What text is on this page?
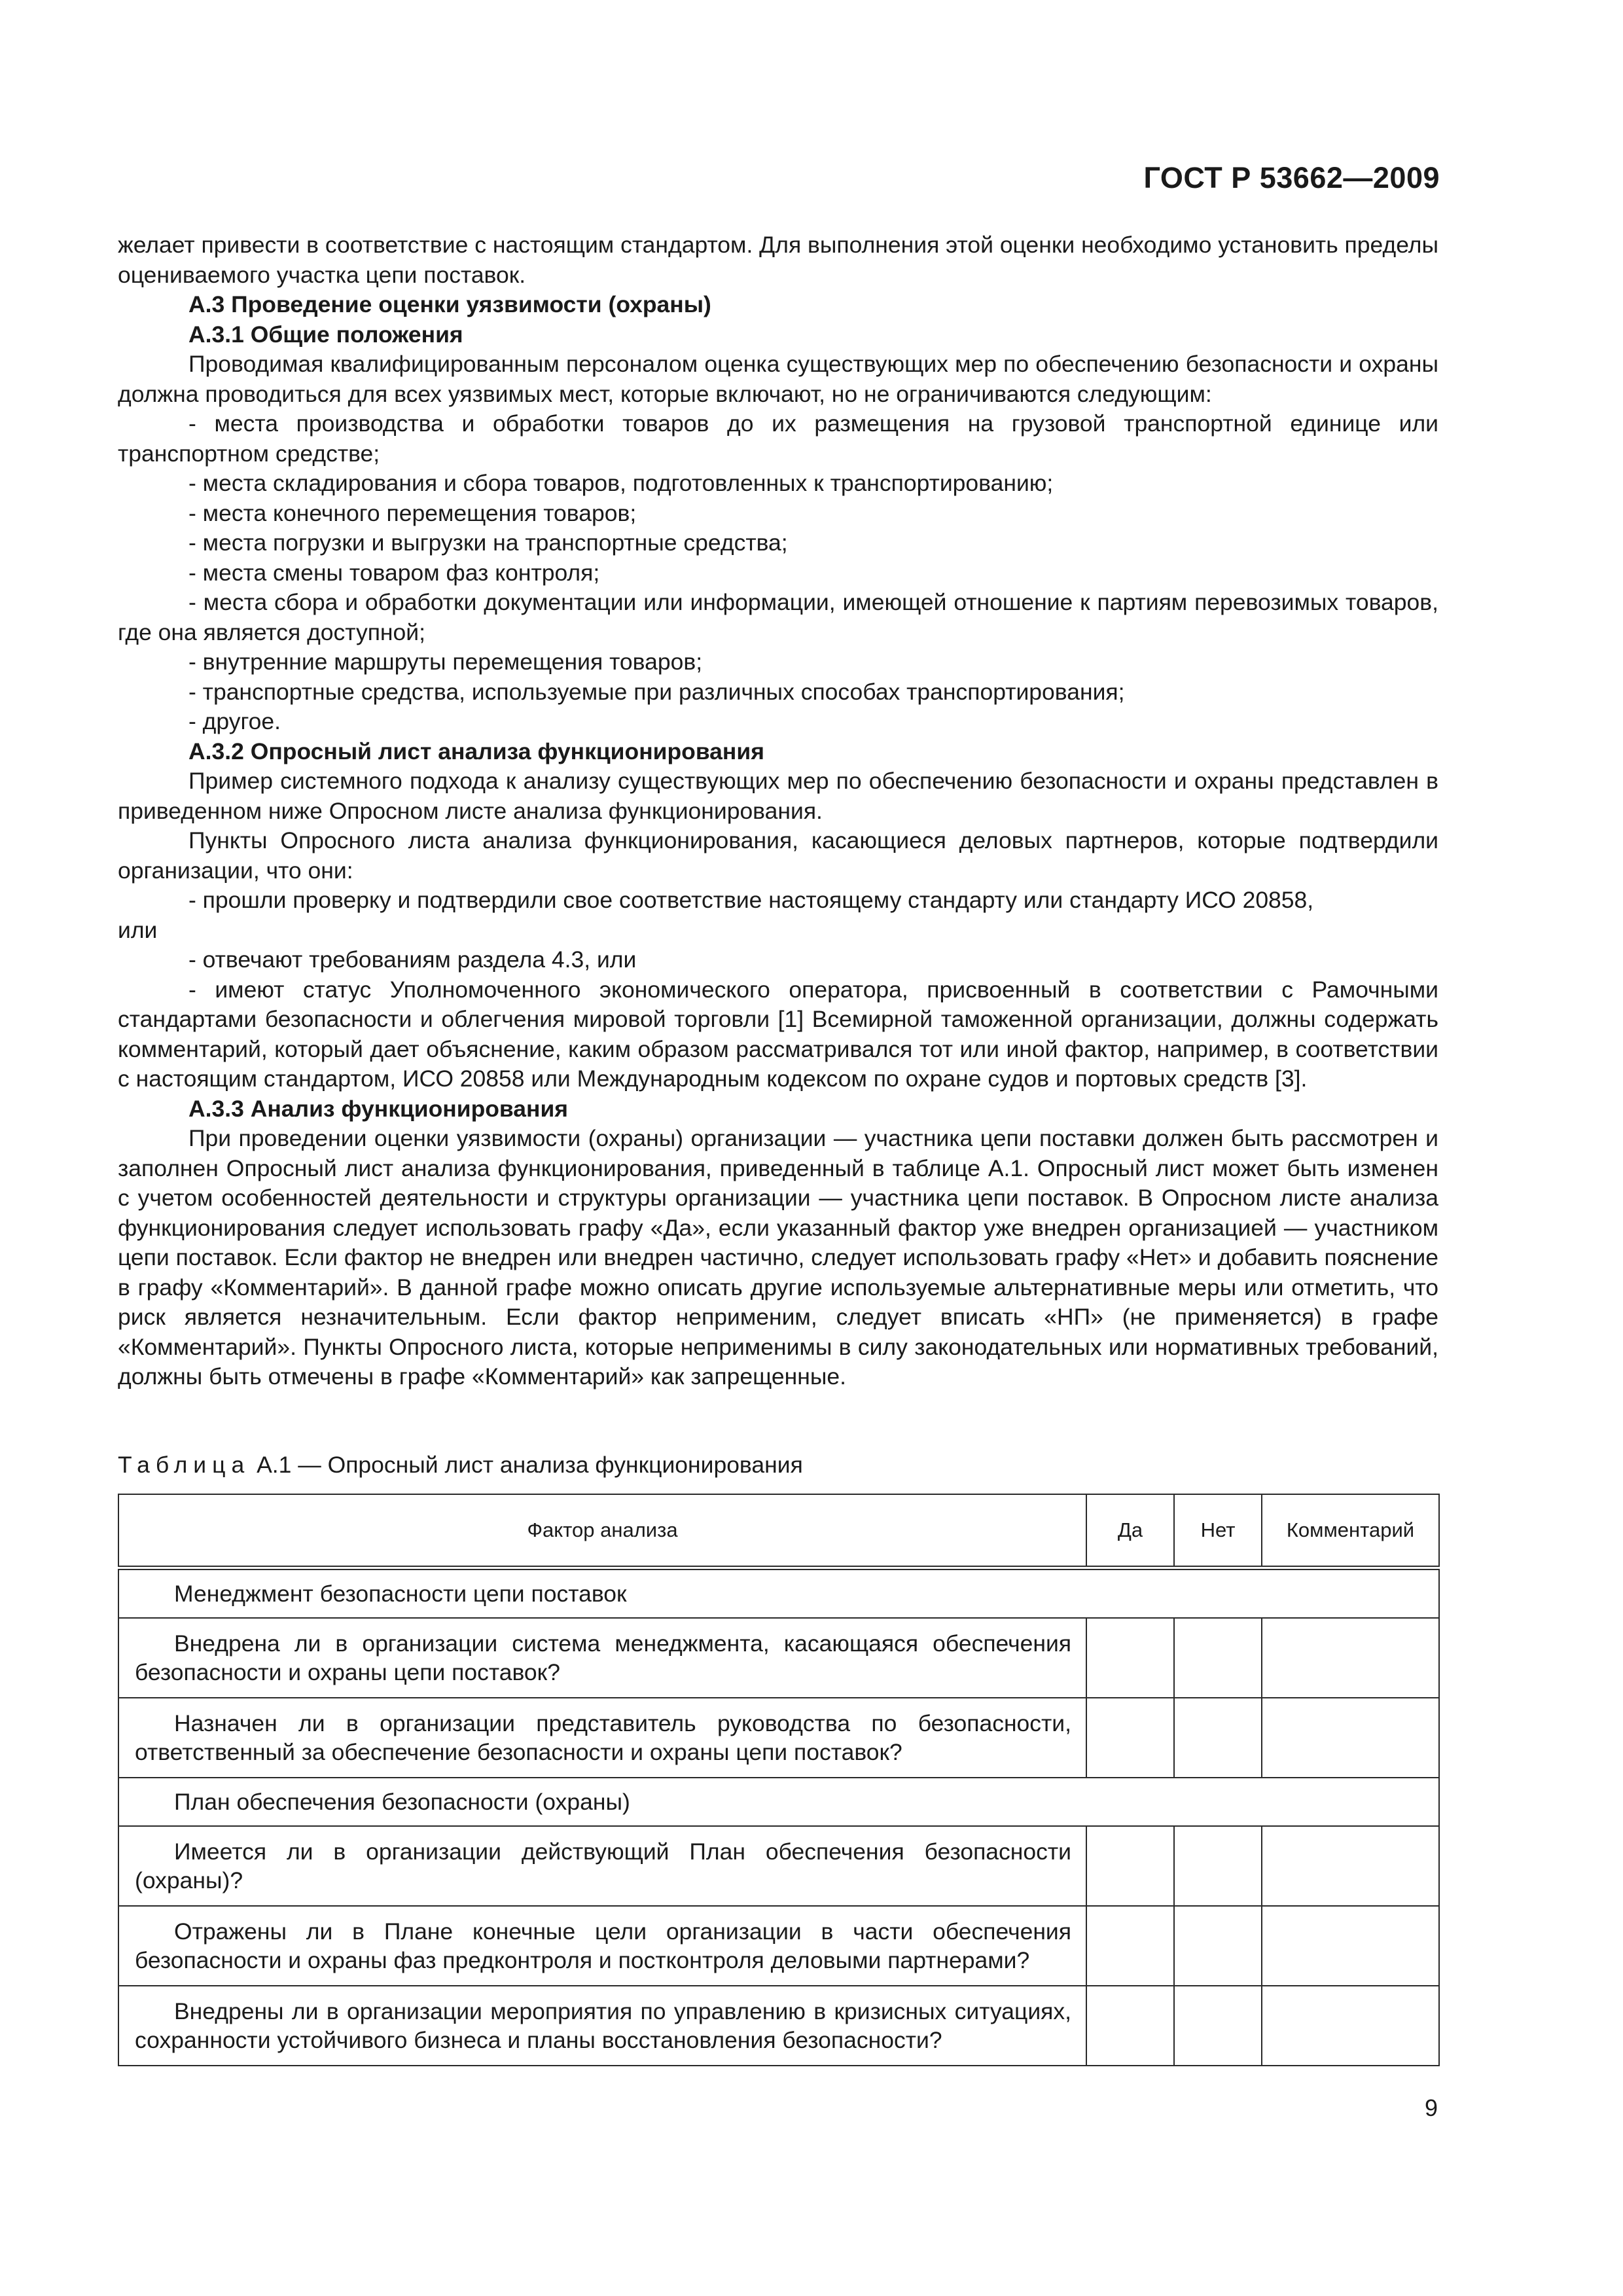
ГОСТ Р 53662—2009

желает привести в соответствие с настоящим стандартом. Для выполнения этой оценки необходимо установить пределы оцениваемого участка цепи поставок.

А.3 Проведение оценки уязвимости (охраны)

А.3.1 Общие положения

Проводимая квалифицированным персоналом оценка существующих мер по обеспечению безопасности и охраны должна проводиться для всех уязвимых мест, которые включают, но не ограничиваются следующим:

- места производства и обработки товаров до их размещения на грузовой транспортной единице или транспортном средстве;

- места складирования и сбора товаров, подготовленных к транспортированию;

- места конечного перемещения товаров;

- места погрузки и выгрузки на транспортные средства;

- места смены товаром фаз контроля;

- места сбора и обработки документации или информации, имеющей отношение к партиям перевозимых товаров, где она является доступной;

- внутренние маршруты перемещения товаров;

- транспортные средства, используемые при различных способах транспортирования;

- другое.

А.3.2 Опросный лист анализа функционирования

Пример системного подхода к анализу существующих мер по обеспечению безопасности и охраны представлен в приведенном ниже Опросном листе анализа функционирования.

Пункты Опросного листа анализа функционирования, касающиеся деловых партнеров, которые подтвердили организации, что они:

- прошли проверку и подтвердили свое соответствие настоящему стандарту или стандарту ИСО 20858,

или

- отвечают требованиям раздела 4.3, или

- имеют статус Уполномоченного экономического оператора, присвоенный в соответствии с Рамочными стандартами безопасности и облегчения мировой торговли [1] Всемирной таможенной организации, должны содержать комментарий, который дает объяснение, каким образом рассматривался тот или иной фактор, например, в соответствии с настоящим стандартом, ИСО 20858 или Международным кодексом по охране судов и портовых средств [3].

А.3.3 Анализ функционирования

При проведении оценки уязвимости (охраны) организации — участника цепи поставки должен быть рассмотрен и заполнен Опросный лист анализа функционирования, приведенный в таблице А.1. Опросный лист может быть изменен с учетом особенностей деятельности и структуры организации — участника цепи поставок. В Опросном листе анализа функционирования следует использовать графу «Да», если указанный фактор уже внедрен организацией — участником цепи поставок. Если фактор не внедрен или внедрен частично, следует использовать графу «Нет» и добавить пояснение в графу «Комментарий». В данной графе можно описать другие используемые альтернативные меры или отметить, что риск является незначительным. Если фактор неприменим, следует вписать «НП» (не применяется) в графе «Комментарий». Пункты Опросного листа, которые неприменимы в силу законодательных или нормативных требований, должны быть отмечены в графе «Комментарий» как запрещенные.

Таблица А.1 — Опросный лист анализа функционирования
Фактор анализа	Да	Нет	Комментарий

Менеджмент безопасности цепи поставок			

Внедрена ли в организации система менеджмента, касающаяся обеспечения безопасности и охраны цепи поставок?			

Назначен ли в организации представитель руководства по безопасности, ответственный за обеспечение безопасности и охраны цепи поставок?			

План обеспечения безопасности (охраны)			

Имеется ли в организации действующий План обеспечения безопасности (охраны)?			

Отражены ли в Плане конечные цели организации в части обеспечения безопасности и охраны фаз предконтроля и постконтроля деловыми партнерами?			

Внедрены ли в организации мероприятия по управлению в кризисных ситуациях, сохранности устойчивого бизнеса и планы восстановления безопасности?			

9
